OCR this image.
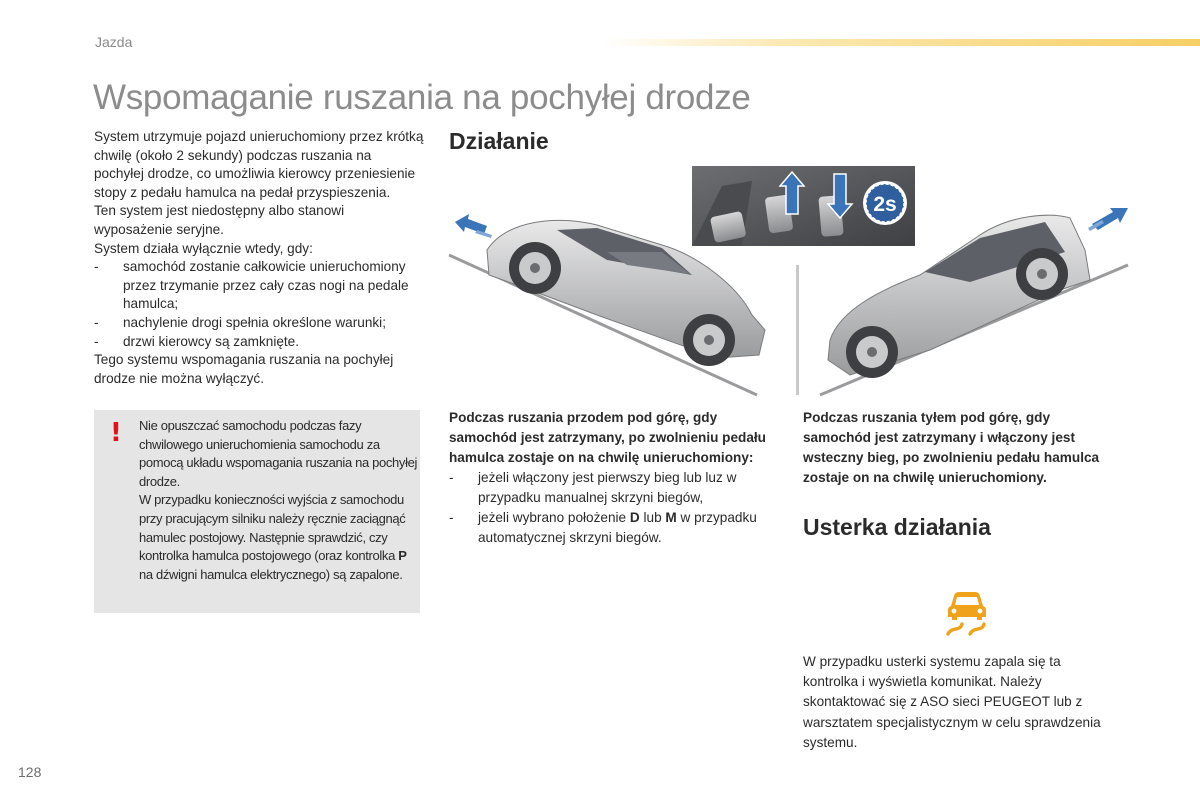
Jazda
Wspomaganie ruszania na pochyłej drodze

System utrzymuje pojazd unieruchomiony przez krótką chwilę (około 2 sekundy) podczas ruszania na pochyłej drodze, co umożliwia kierowcy przeniesienie stopy z pedału hamulca na pedał przyspieszenia.

Ten system jest niedostępny albo stanowi wyposażenie seryjne.

System działa wyłącznie wtedy, gdy:

-	samochód zostanie całkowicie unieruchomiony przez trzymanie przez cały czas nogi na pedale hamulca;
-	nachylenie drogi spełnia określone warunki;
-	drzwi kierowcy są zamknięte.

Tego systemu wspomagania ruszania na pochyłej drodze nie można wyłączyć.

! Nie opuszczać samochodu podczas fazy chwilowego unieruchomienia samochodu za pomocą układu wspomagania ruszania na pochyłej drodze.

W przypadku konieczności wyjścia z samochodu przy pracującym silniku należy ręcznie zaciągnąć hamulec postojowy. Następnie sprawdzić, czy kontrolka hamulca postojowego (oraz kontrolka P na dźwigni hamulca elektrycznego) są zapalone.

Działanie
2s

Podczas ruszania przodem pod górę, gdy samochód jest zatrzymany, po zwolnieniu pedału hamulca zostaje on na chwilę unieruchomiony:

-	jeżeli włączony jest pierwszy bieg lub luz w przypadku manualnej skrzyni biegów,
-	jeżeli wybrano położenie D lub M w przypadku automatycznej skrzyni biegów.
Podczas ruszania tyłem pod górę, gdy samochód jest zatrzymany i włączony jest wsteczny bieg, po zwolnieniu pedału hamulca zostaje on na chwilę unieruchomiony.
Usterka działania
W przypadku usterki systemu zapala się ta kontrolka i wyświetla komunikat. Należy skontaktować się z ASO sieci PEUGEOT lub z warsztatem specjalistycznym w celu sprawdzenia systemu.
128
